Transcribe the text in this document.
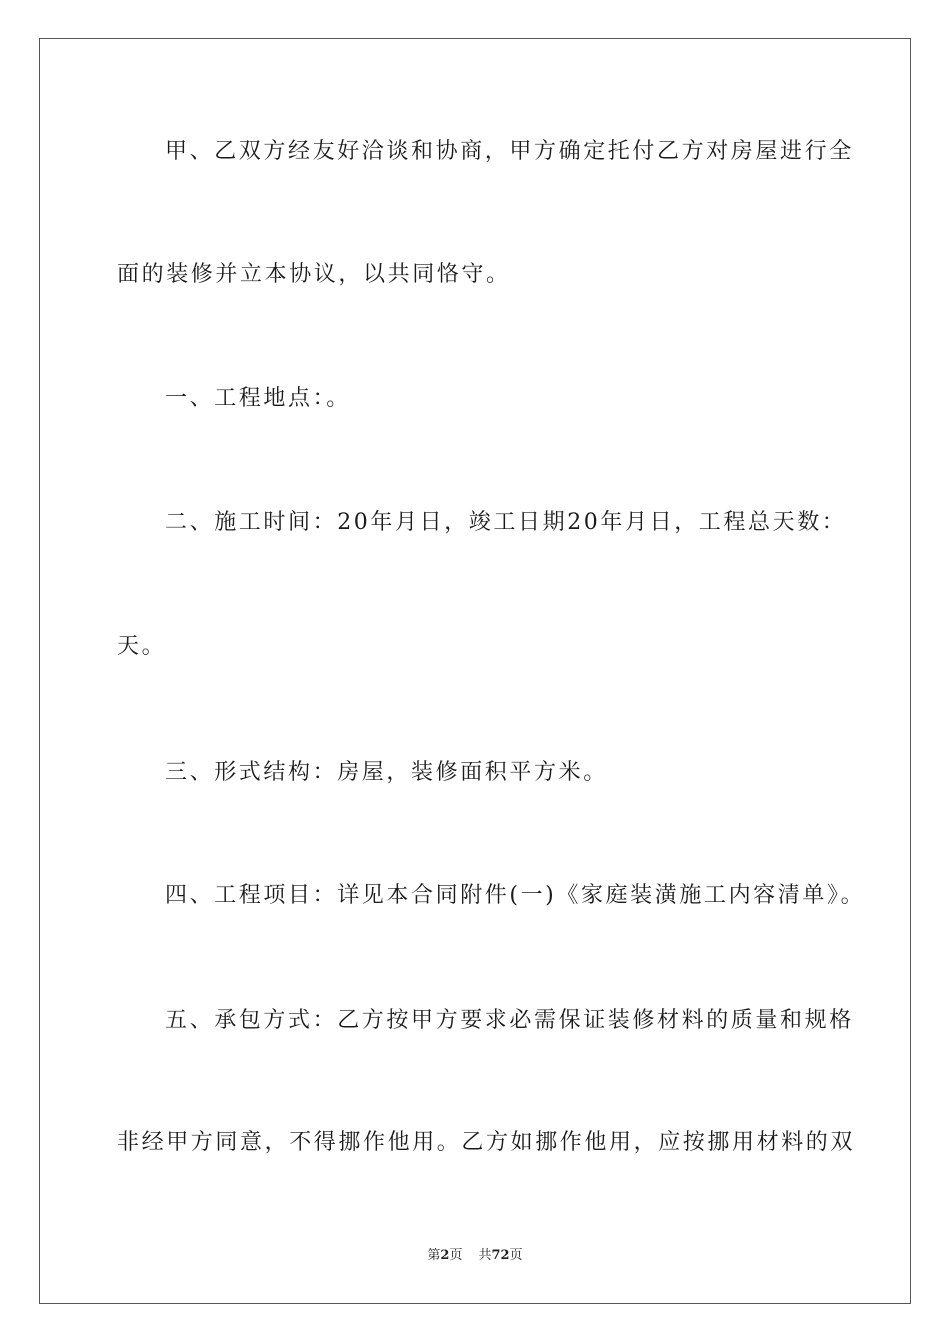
甲、乙双方经友好洽谈和协商，甲方确定托付乙方对房屋进行全
面的装修并立本协议，以共同恪守。
一、工程地点：。
二、施工时间：20年月日，竣工日期20年月日，工程总天数：
天。
三、形式结构：房屋，装修面积平方米。
四、工程项目：详见本合同附件(一)《家庭装潢施工内容清单》。
五、承包方式：乙方按甲方要求必需保证装修材料的质量和规格
非经甲方同意，不得挪作他用。乙方如挪作他用，应按挪用材料的双
第2页 共72页
